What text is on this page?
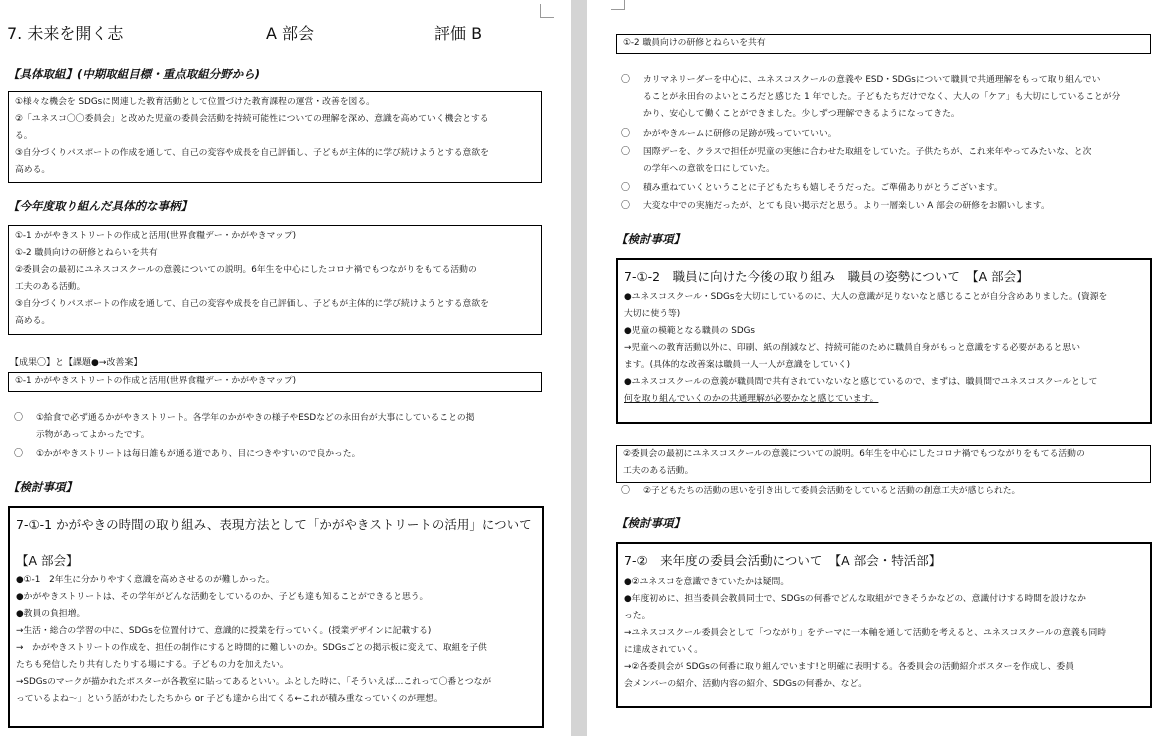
7. 未来を開く志	A 部会	評価 B
【具体取組】(中期取組目標・重点取組分野から)
①様々な機会を SDGsに関連した教育活動として位置づけた教育課程の運営・改善を図る。
②「ユネスコ〇〇委員会」と改めた児童の委員会活動を持続可能性についての理解を深め、意識を高めていく機会とする
る。
③自分づくりパスポートの作成を通して、自己の変容や成長を自己評価し、子どもが主体的に学び続けようとする意欲を
高める。
【今年度取り組んだ具体的な事柄】
①-1 かがやきストリートの作成と活用(世界食糧デー・かがやきマップ)
①-2 職員向けの研修とねらいを共有
②委員会の最初にユネスコスクールの意義についての説明。6年生を中心にしたコロナ禍でもつながりをもてる活動の
工夫のある活動。
③自分づくりパスポートの作成を通して、自己の変容や成長を自己評価し、子どもが主体的に学び続けようとする意欲を
高める。
【成果〇】と【課題●→改善案】
①-1 かがやきストリートの作成と活用(世界食糧デー・かがやきマップ)
〇 ①給食で必ず通るかがやきストリート。各学年のかがやきの様子やESDなどの永田台が大事にしていることの掲
示物があってよかったです。
〇 ①かがやきストリートは毎日誰もが通る道であり、目につきやすいので良かった。
【検討事項】
7-①-1 かがやきの時間の取り組み、表現方法として「かがやきストリートの活用」について
【A 部会】
●①-1　2年生に分かりやすく意識を高めさせるのが難しかった。
●かがやきストリートは、その学年がどんな活動をしているのか、子ども達も知ることができると思う。
●教員の負担増。
→生活・総合の学習の中に、SDGsを位置付けて、意識的に授業を行っていく。(授業デザインに記載する)
→　かがやきストリートの作成を、担任の制作にすると時間的に難しいのか。SDGsごとの掲示板に変えて、取組を子供
たちも発信したり共有したりする場にする。子どもの力を加えたい。
→SDGsのマークが描かれたポスターが各教室に貼ってあるといい。ふとした時に、「そういえば…これって〇番とつなが
っているよね～」という話がわたしたちから or 子ども達から出てくる←これが積み重なっていくのが理想。
①-2 職員向けの研修とねらいを共有
〇 カリマネリーダーを中心に、ユネスコスクールの意義や ESD・SDGsについて職員で共通理解をもって取り組んでい
ることが永田台のよいところだと感じた 1 年でした。子どもたちだけでなく、大人の「ケア」も大切にしていることが分
かり、安心して働くことができました。少しずつ理解できるようになってきた。
〇 かがやきルームに研修の足跡が残っていていい。
〇 国際デーを、クラスで担任が児童の実態に合わせた取組をしていた。子供たちが、これ来年やってみたいな、と次
の学年への意欲を口にしていた。
〇 積み重ねていくということに子どもたちも嬉しそうだった。ご準備ありがとうございます。
〇 大変な中での実施だったが、とても良い掲示だと思う。より一層楽しい A 部会の研修をお願いします。
【検討事項】
7-①-2　職員に向けた今後の取り組み　職員の姿勢について　【A 部会】
●ユネスコスクール・SDGsを大切にしているのに、大人の意識が足りないなと感じることが自分含めありました。(資源を
大切に使う等)
●児童の模範となる職員の SDGs
→児童への教育活動以外に、印刷、紙の削減など、持続可能のために職員自身がもっと意識をする必要があると思い
ます。(具体的な改善案は職員一人一人が意識をしていく)
●ユネスコスクールの意義が職員間で共有されていないなと感じているので、まずは、職員間でユネスコスクールとして
何を取り組んでいくのかの共通理解が必要かなと感じています。
②委員会の最初にユネスコスクールの意義についての説明。6年生を中心にしたコロナ禍でもつながりをもてる活動の
工夫のある活動。
〇 ②子どもたちの活動の思いを引き出して委員会活動をしていると活動の創意工夫が感じられた。
【検討事項】
7-②　来年度の委員会活動について　【A 部会・特活部】
●②ユネスコを意識できていたかは疑問。
●年度初めに、担当委員会教員同士で、SDGsの何番でどんな取組ができそうかなどの、意識付けする時間を設けなか
った。
→ユネスコスクール委員会として「つながり」をテーマに一本軸を通して活動を考えると、ユネスコスクールの意義も同時
に達成されていく。
→②各委員会が SDGsの何番に取り組んでいます!と明確に表明する。各委員会の活動紹介ポスターを作成し、委員
会メンバーの紹介、活動内容の紹介、SDGsの何番か、など。
